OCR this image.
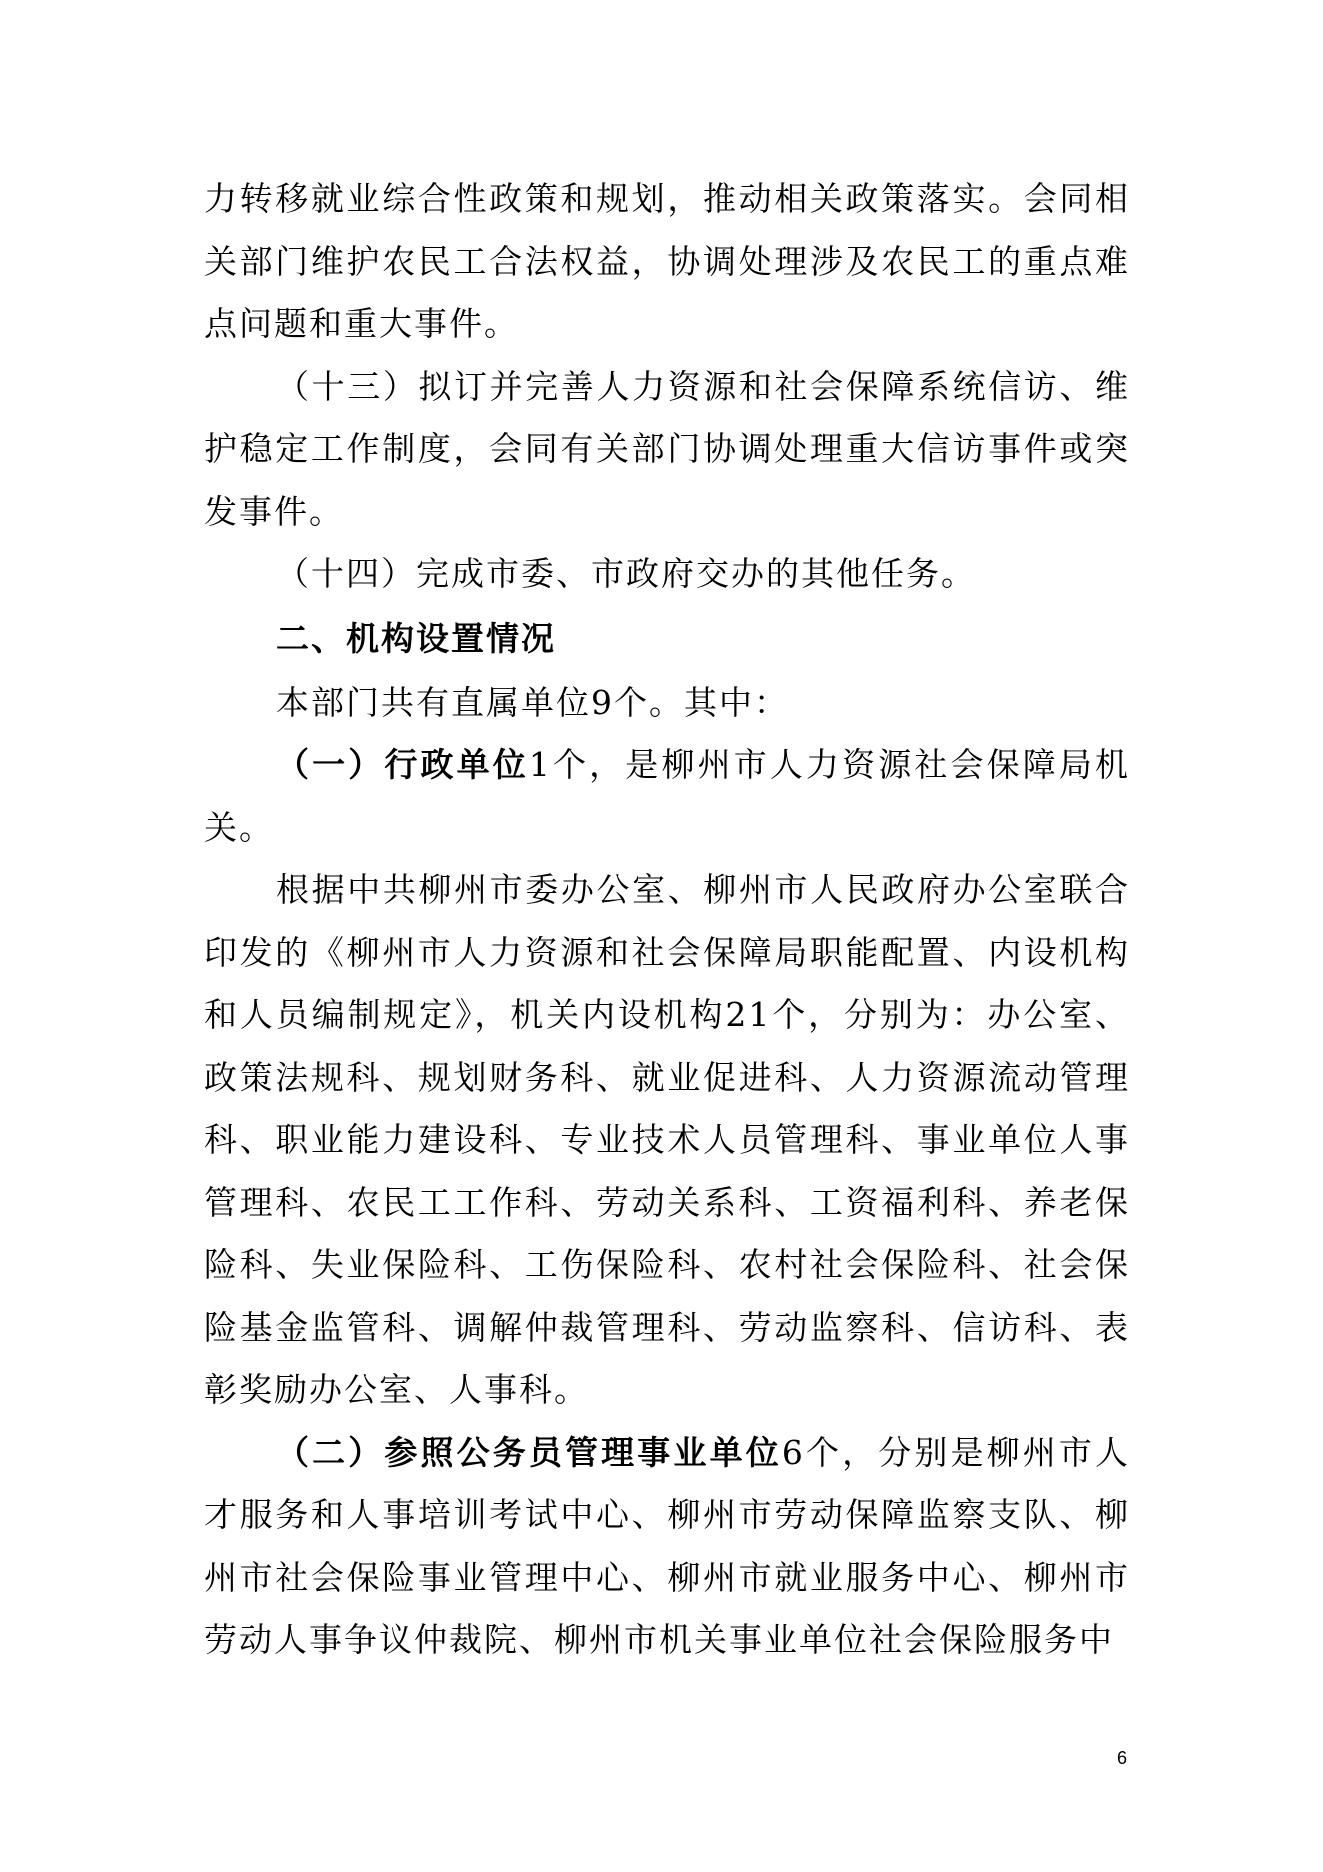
力转移就业综合性政策和规划，推动相关政策落实。会同相关部门维护农民工合法权益，协调处理涉及农民工的重点难点问题和重大事件。

（十三）拟订并完善人力资源和社会保障系统信访、维护稳定工作制度，会同有关部门协调处理重大信访事件或突发事件。

（十四）完成市委、市政府交办的其他任务。

二、机构设置情况

本部门共有直属单位9个。其中：

（一）行政单位1个，是柳州市人力资源社会保障局机关。

根据中共柳州市委办公室、柳州市人民政府办公室联合印发的《柳州市人力资源和社会保障局职能配置、内设机构和人员编制规定》，机关内设机构21个，分别为：办公室、政策法规科、规划财务科、就业促进科、人力资源流动管理科、职业能力建设科、专业技术人员管理科、事业单位人事管理科、农民工工作科、劳动关系科、工资福利科、养老保险科、失业保险科、工伤保险科、农村社会保险科、社会保险基金监管科、调解仲裁管理科、劳动监察科、信访科、表彰奖励办公室、人事科。

（二）参照公务员管理事业单位6个，分别是柳州市人才服务和人事培训考试中心、柳州市劳动保障监察支队、柳州市社会保险事业管理中心、柳州市就业服务中心、柳州市劳动人事争议仲裁院、柳州市机关事业单位社会保险服务中

6
